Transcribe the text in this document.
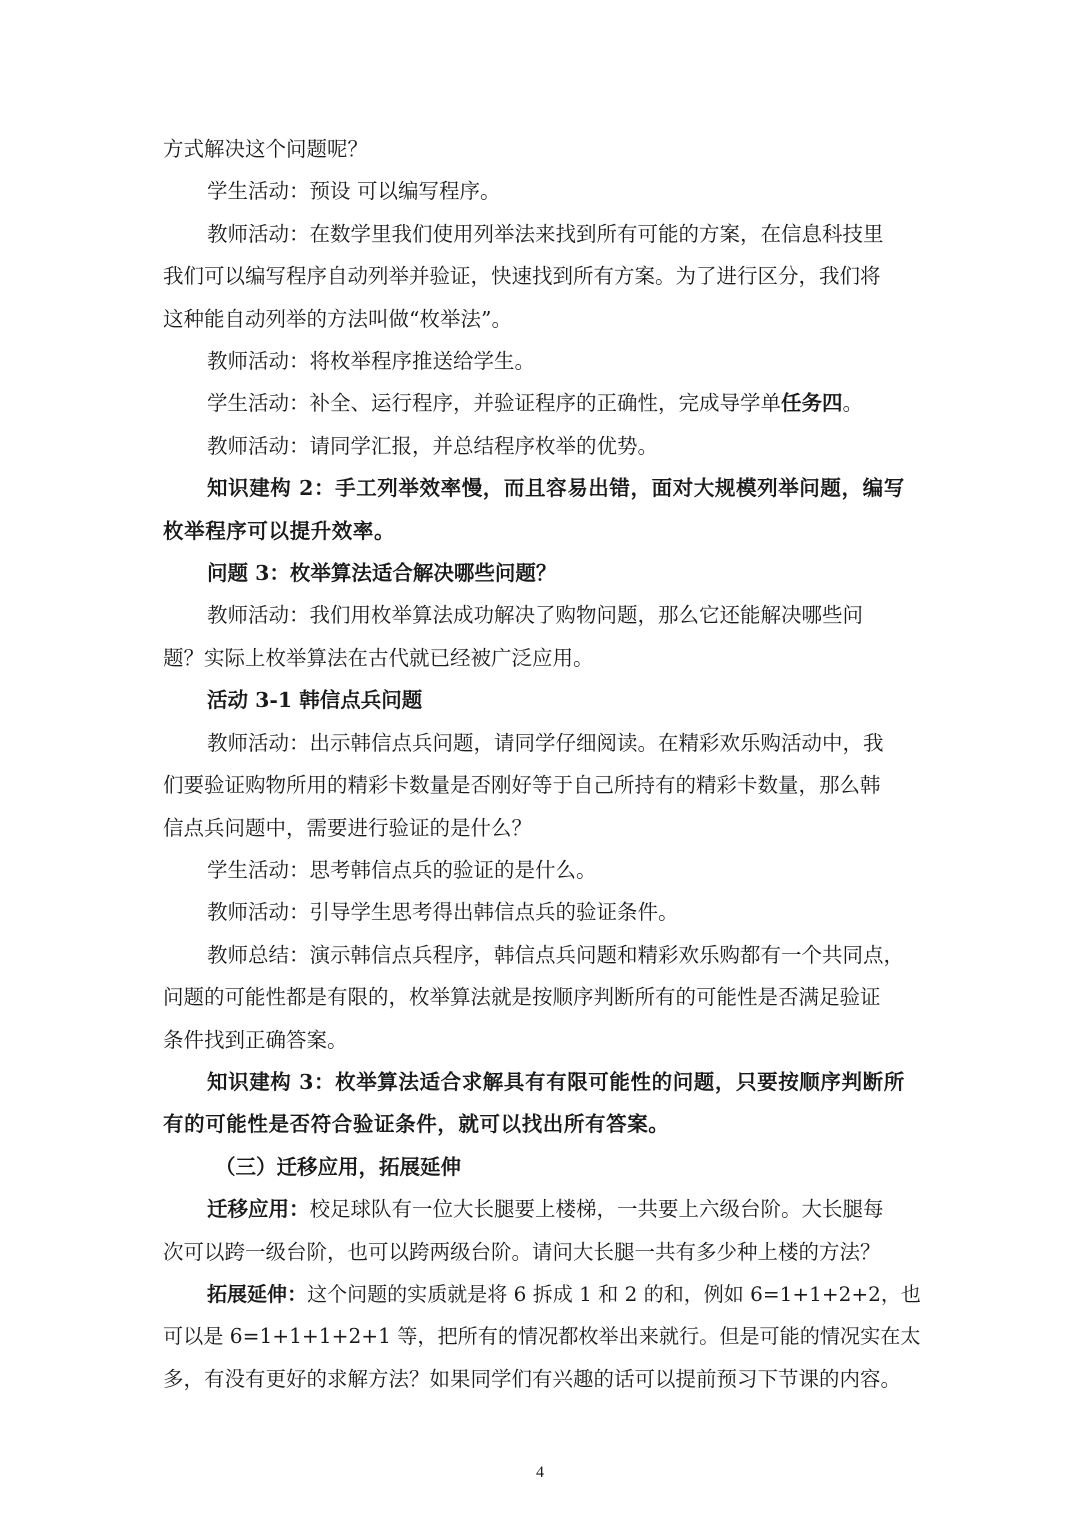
方式解决这个问题呢？

学生活动：预设 可以编写程序。

教师活动：在数学里我们使用列举法来找到所有可能的方案，在信息科技里

我们可以编写程序自动列举并验证，快速找到所有方案。为了进行区分，我们将

这种能自动列举的方法叫做“枚举法”。

教师活动：将枚举程序推送给学生。

学生活动：补全、运行程序，并验证程序的正确性，完成导学单任务四。

教师活动：请同学汇报，并总结程序枚举的优势。

知识建构 2：手工列举效率慢，而且容易出错，面对大规模列举问题，编写

枚举程序可以提升效率。

问题 3：枚举算法适合解决哪些问题？

教师活动：我们用枚举算法成功解决了购物问题，那么它还能解决哪些问

题？实际上枚举算法在古代就已经被广泛应用。

活动 3-1 韩信点兵问题

教师活动：出示韩信点兵问题，请同学仔细阅读。在精彩欢乐购活动中，我

们要验证购物所用的精彩卡数量是否刚好等于自己所持有的精彩卡数量，那么韩

信点兵问题中，需要进行验证的是什么？

学生活动：思考韩信点兵的验证的是什么。

教师活动：引导学生思考得出韩信点兵的验证条件。

教师总结：演示韩信点兵程序，韩信点兵问题和精彩欢乐购都有一个共同点，

问题的可能性都是有限的，枚举算法就是按顺序判断所有的可能性是否满足验证

条件找到正确答案。

知识建构 3：枚举算法适合求解具有有限可能性的问题，只要按顺序判断所

有的可能性是否符合验证条件，就可以找出所有答案。

（三）迁移应用，拓展延伸

迁移应用：校足球队有一位大长腿要上楼梯，一共要上六级台阶。大长腿每

次可以跨一级台阶，也可以跨两级台阶。请问大长腿一共有多少种上楼的方法？

拓展延伸：这个问题的实质就是将 6 拆成 1 和 2 的和，例如 6=1+1+2+2，也

可以是 6=1+1+1+2+1 等，把所有的情况都枚举出来就行。但是可能的情况实在太

多，有没有更好的求解方法？如果同学们有兴趣的话可以提前预习下节课的内容。

4
